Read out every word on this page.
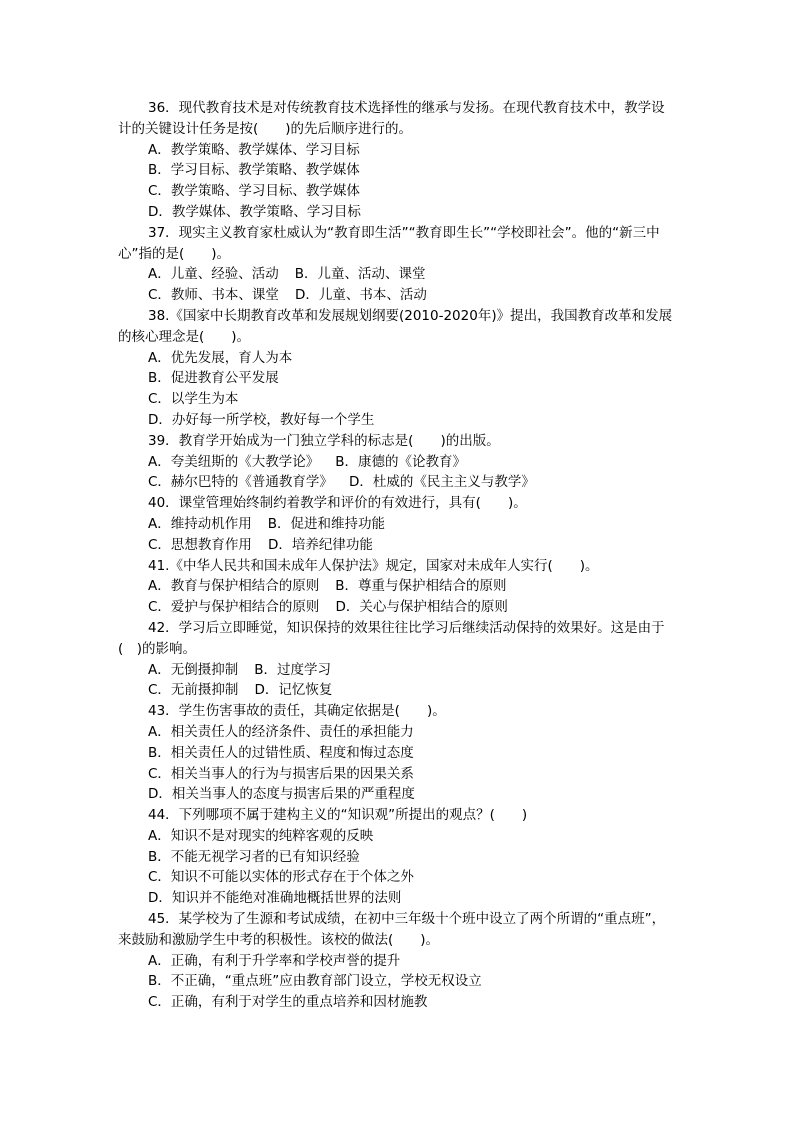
36．现代教育技术是对传统教育技术选择性的继承与发扬。在现代教育技术中，教学设计的关键设计任务是按(　　)的先后顺序进行的。

A．教学策略、教学媒体、学习目标
B．学习目标、教学策略、教学媒体
C．教学策略、学习目标、教学媒体
D．教学媒体、教学策略、学习目标

37．现实主义教育家杜威认为“教育即生活”“教育即生长”“学校即社会”。他的“新三中心”指的是(　　)。

A．儿童、经验、活动 B．儿童、活动、课堂
C．教师、书本、课堂 D．儿童、书本、活动

38.《国家中长期教育改革和发展规划纲要(2010-2020年)》提出，我国教育改革和发展的核心理念是(　　)。

A．优先发展，育人为本
B．促进教育公平发展
C．以学生为本
D．办好每一所学校，教好每一个学生

39．教育学开始成为一门独立学科的标志是(　　)的出版。

A．夸美纽斯的《大教学论》 B．康德的《论教育》
C．赫尔巴特的《普通教育学》 D．杜威的《民主主义与教学》

40．课堂管理始终制约着教学和评价的有效进行，具有(　　)。

A．维持动机作用 B．促进和维持功能
C．思想教育作用 D．培养纪律功能

41.《中华人民共和国未成年人保护法》规定，国家对未成年人实行(　　)。

A．教育与保护相结合的原则 B．尊重与保护相结合的原则
C．爱护与保护相结合的原则 D．关心与保护相结合的原则

42．学习后立即睡觉，知识保持的效果往往比学习后继续活动保持的效果好。这是由于(　)的影响。

A．无倒摄抑制 B．过度学习
C．无前摄抑制 D．记忆恢复

43．学生伤害事故的责任，其确定依据是(　　)。

A．相关责任人的经济条件、责任的承担能力
B．相关责任人的过错性质、程度和悔过态度
C．相关当事人的行为与损害后果的因果关系
D．相关当事人的态度与损害后果的严重程度

44．下列哪项不属于建构主义的“知识观”所提出的观点？(　　)

A．知识不是对现实的纯粹客观的反映
B．不能无视学习者的已有知识经验
C．知识不可能以实体的形式存在于个体之外
D．知识并不能绝对准确地概括世界的法则

45．某学校为了生源和考试成绩，在初中三年级十个班中设立了两个所谓的“重点班”，来鼓励和激励学生中考的积极性。该校的做法(　　)。

A．正确，有利于升学率和学校声誉的提升
B．不正确，“重点班”应由教育部门设立，学校无权设立
C．正确，有利于对学生的重点培养和因材施教
